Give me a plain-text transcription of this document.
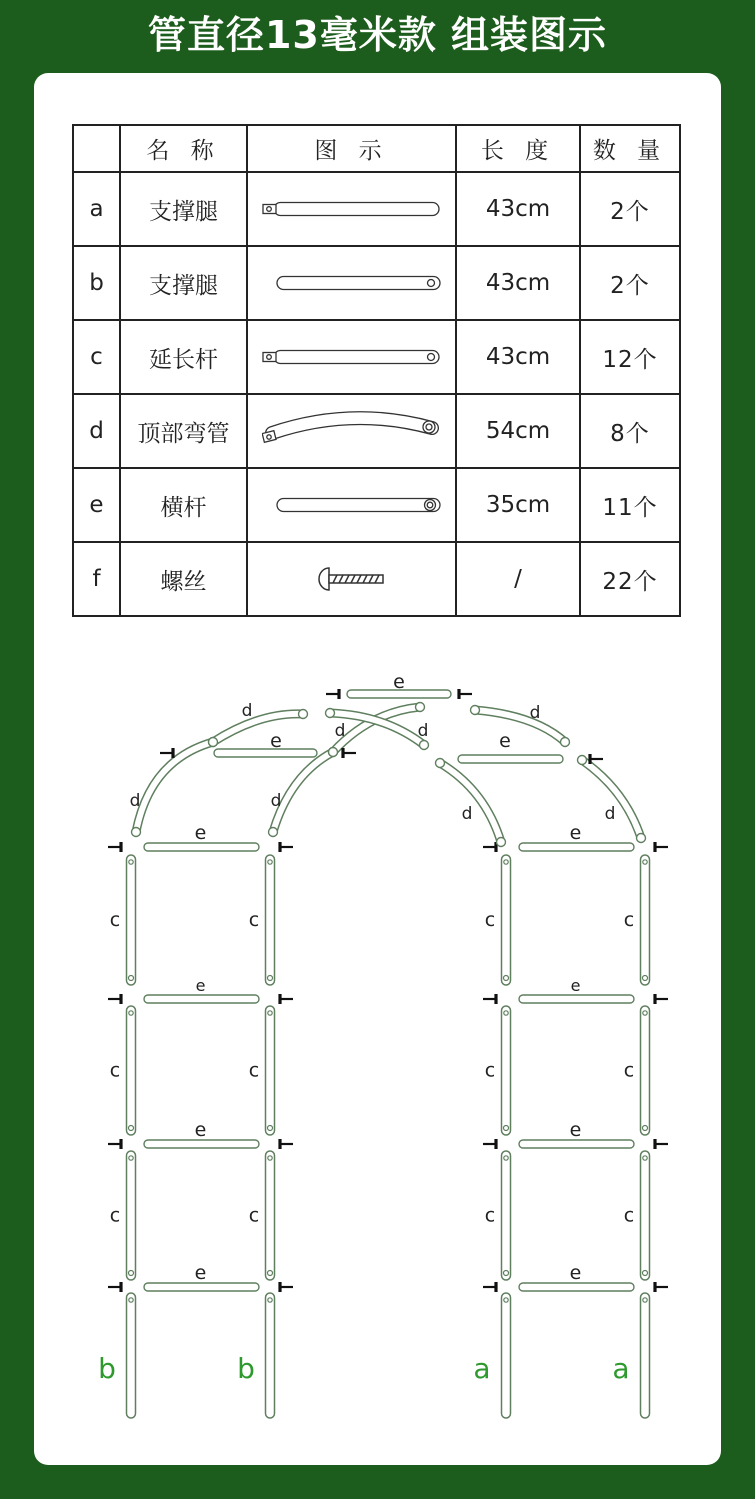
管直径13毫米款 组装图示
	名 称	图 示	长 度	数 量
a	支撑腿		43cm	2个
b	支撑腿		43cm	2个
c	延长杆		43cm	12个
d	顶部弯管		54cm	8个
e	横杆		35cm	11个
f	螺丝		/	22个
c	c
c	c
c	c
b	b
e
e
e
e
c	c
c	c
c	c
a	a
e
e
e
e
d	d
d
d	d
d
d
d
e
e	e
